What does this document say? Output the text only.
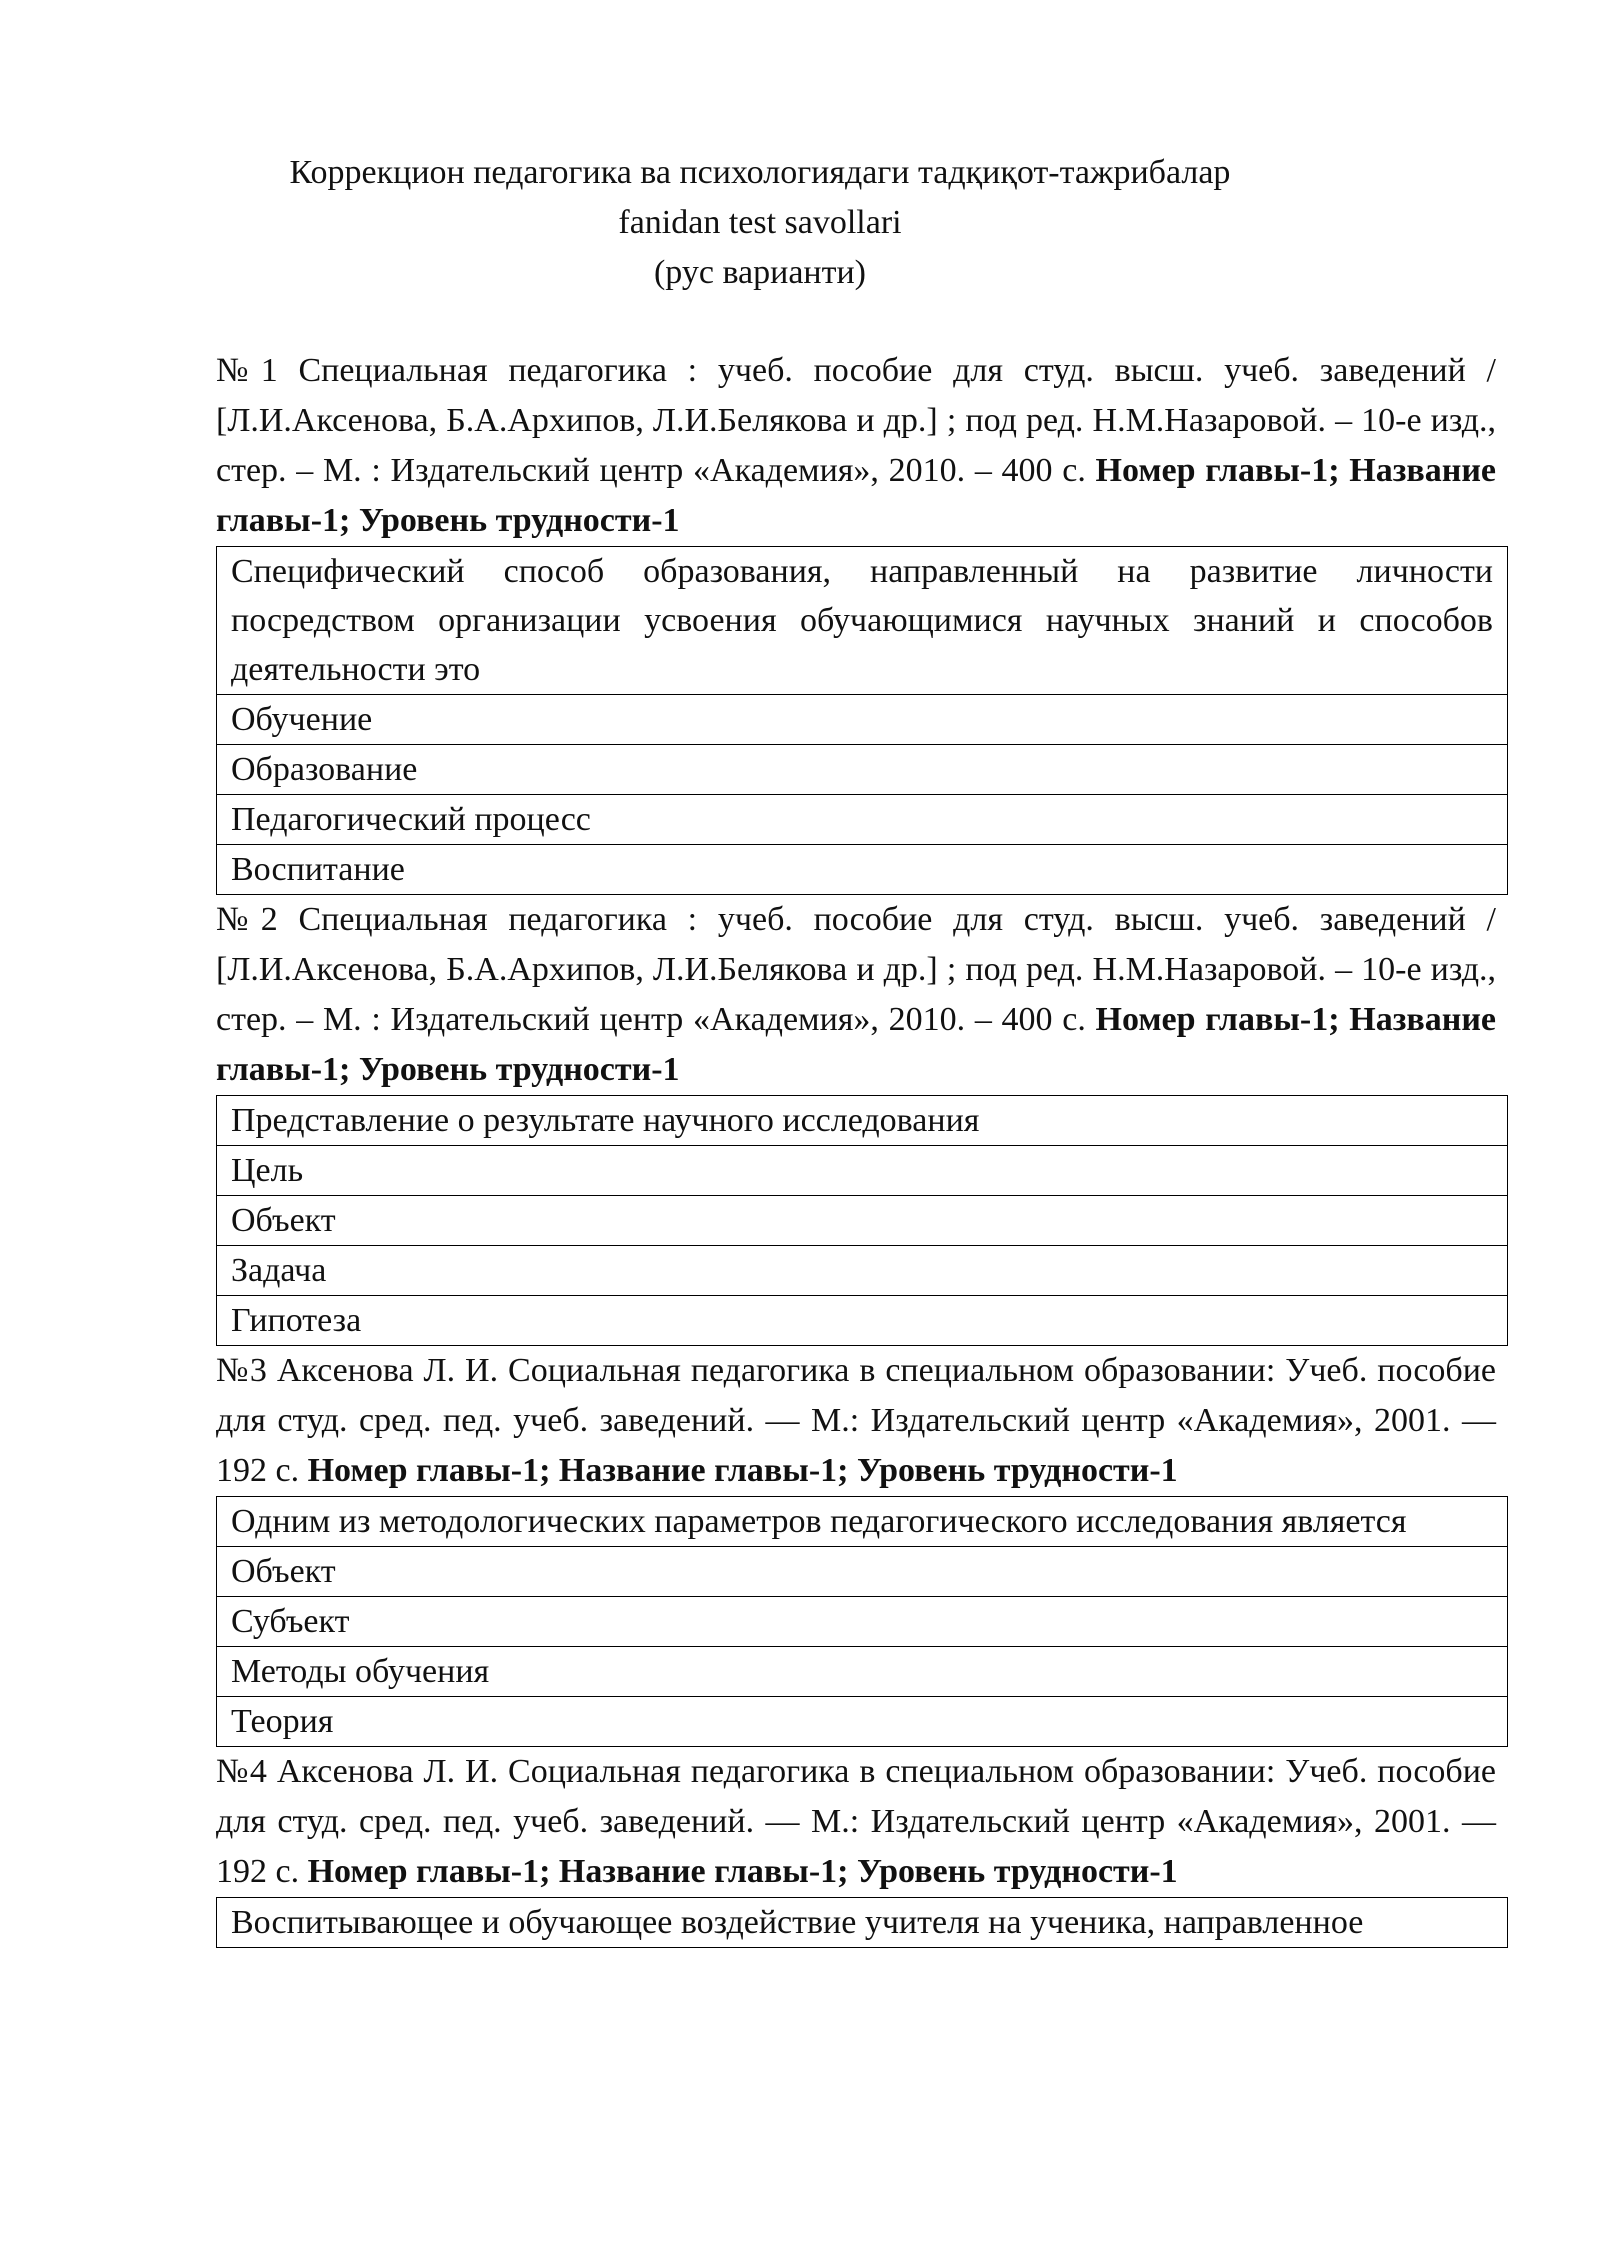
Коррекцион педагогика ва психологиядаги тадқиқот-тажрибалар
fanidan test savollari
(рус варианти)
№1 Специальная педагогика : учеб. пособие для студ. высш. учеб. заведений / [Л.И.Аксенова, Б.А.Архипов, Л.И.Белякова и др.] ; под ред. Н.М.Назаровой. – 10-е изд., стер. – М. : Издательский центр «Академия», 2010. – 400 с. Номер главы-1; Название главы-1; Уровень трудности-1
Специфический способ образования, направленный на развитие личности посредством организации усвоения обучающимися научных знаний и способов деятельности это
Обучение
Образование
Педагогический процесс
Воспитание
№2 Специальная педагогика : учеб. пособие для студ. высш. учеб. заведений / [Л.И.Аксенова, Б.А.Архипов, Л.И.Белякова и др.] ; под ред. Н.М.Назаровой. – 10-е изд., стер. – М. : Издательский центр «Академия», 2010. – 400 с. Номер главы-1; Название главы-1; Уровень трудности-1
Представление о результате научного исследования
Цель
Объект
Задача
Гипотеза
№3 Аксенова Л. И. Социальная педагогика в специальном образовании: Учеб. пособие для студ. сред. пед. учеб. заведений. — М.: Издательский центр «Академия», 2001. — 192 с. Номер главы-1; Название главы-1; Уровень трудности-1
Одним из методологических параметров педагогического исследования является
Объект
Субъект
Методы обучения
Теория
№4 Аксенова Л. И. Социальная педагогика в специальном образовании: Учеб. пособие для студ. сред. пед. учеб. заведений. — М.: Издательский центр «Академия», 2001. — 192 с. Номер главы-1; Название главы-1; Уровень трудности-1
Воспитывающее и обучающее воздействие учителя на ученика, направленное
